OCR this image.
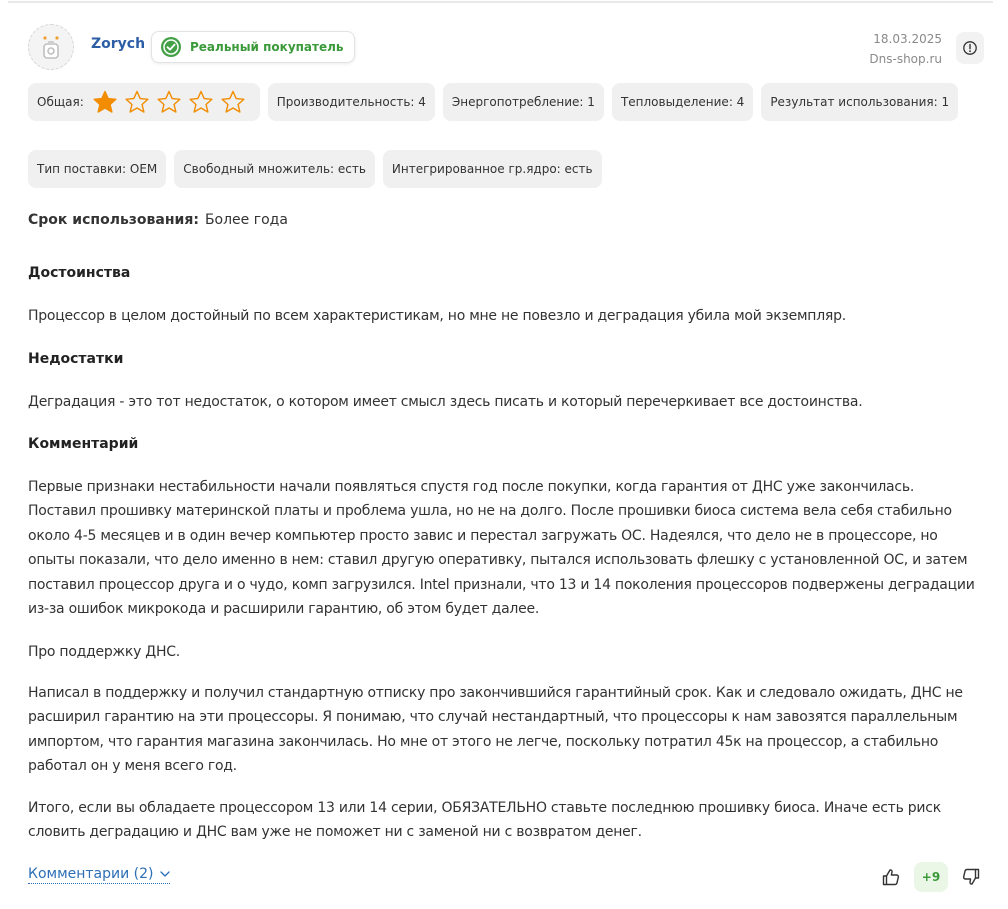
Zorych	Реальный покупатель
18.03.2025
Dns-shop.ru
Общая:	Производительность: 4	Энергопотребление: 1	Тепловыделение: 4	Результат использования: 1
Тип поставки: OEM	Свободный множитель: есть	Интегрированное гр.ядро: есть
Срок использования: Более года
Достоинства

Процессор в целом достойный по всем характеристикам, но мне не повезло и деградация убила мой экземпляр.

Недостатки

Деградация - это тот недостаток, о котором имеет смысл здесь писать и который перечеркивает все достоинства.

Комментарий

Первые признаки нестабильности начали появляться спустя год после покупки, когда гарантия от ДНС уже закончилась. Поставил прошивку материнской платы и проблема ушла, но не на долго. После прошивки биоса система вела себя стабильно около 4-5 месяцев и в один вечер компьютер просто завис и перестал загружать ОС. Надеялся, что дело не в процессоре, но опыты показали, что дело именно в нем: ставил другую оперативку, пытался использовать флешку с установленной ОС, и затем поставил процессор друга и о чудо, комп загрузился. Intel признали, что 13 и 14 поколения процессоров подвержены деградации из-за ошибок микрокода и расширили гарантию, об этом будет далее.

Про поддержку ДНС.

Написал в поддержку и получил стандартную отписку про закончившийся гарантийный срок. Как и следовало ожидать, ДНС не расширил гарантию на эти процессоры. Я понимаю, что случай нестандартный, что процессоры к нам завозятся параллельным импортом, что гарантия магазина закончилась. Но мне от этого не легче, поскольку потратил 45к на процессор, а стабильно работал он у меня всего год.

Итого, если вы обладаете процессором 13 или 14 серии, ОБЯЗАТЕЛЬНО ставьте последнюю прошивку биоса. Иначе есть риск словить деградацию и ДНС вам уже не поможет ни с заменой ни с возвратом денег.

Комментарии (2)	+9
